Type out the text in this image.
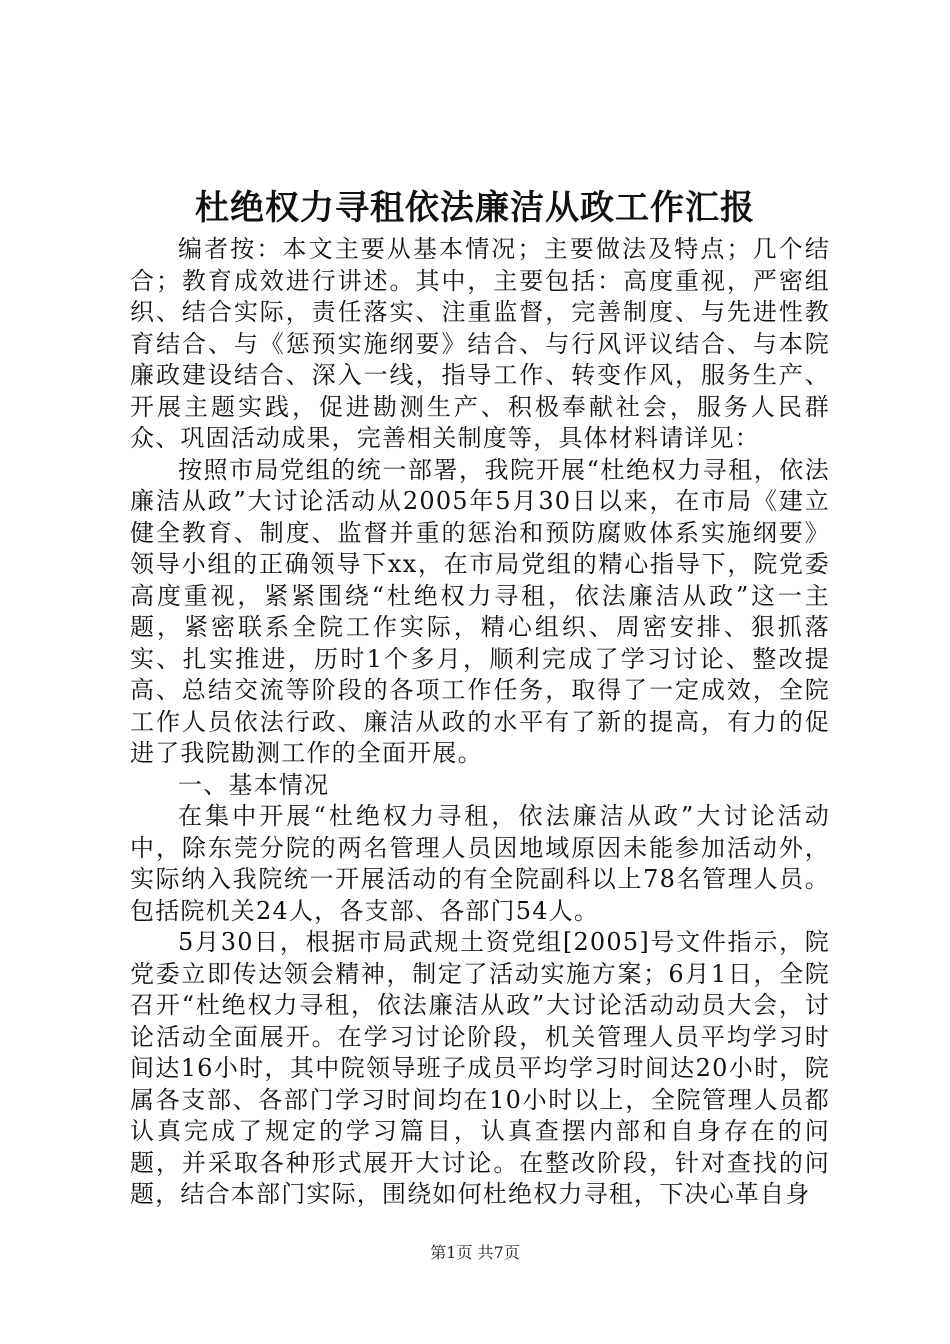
杜绝权力寻租依法廉洁从政工作汇报

编者按：本文主要从基本情况；主要做法及特点；几个结合；教育成效进行讲述。其中，主要包括：高度重视，严密组织、结合实际，责任落实、注重监督，完善制度、与先进性教育结合、与《惩预实施纲要》结合、与行风评议结合、与本院廉政建设结合、深入一线，指导工作、转变作风，服务生产、开展主题实践，促进勘测生产、积极奉献社会，服务人民群众、巩固活动成果，完善相关制度等，具体材料请详见：

按照市局党组的统一部署，我院开展“杜绝权力寻租，依法廉洁从政”大讨论活动从2005年5月30日以来，在市局《建立健全教育、制度、监督并重的惩治和预防腐败体系实施纲要》领导小组的正确领导下xx，在市局党组的精心指导下，院党委高度重视，紧紧围绕“杜绝权力寻租，依法廉洁从政”这一主题，紧密联系全院工作实际，精心组织、周密安排、狠抓落实、扎实推进，历时1个多月，顺利完成了学习讨论、整改提高、总结交流等阶段的各项工作任务，取得了一定成效，全院工作人员依法行政、廉洁从政的水平有了新的提高，有力的促进了我院勘测工作的全面开展。

一、基本情况

在集中开展“杜绝权力寻租，依法廉洁从政”大讨论活动中，除东莞分院的两名管理人员因地域原因未能参加活动外，实际纳入我院统一开展活动的有全院副科以上78名管理人员。包括院机关24人，各支部、各部门54人。

5月30日，根据市局武规土资党组[2005]号文件指示，院党委立即传达领会精神，制定了活动实施方案；6月1日，全院召开“杜绝权力寻租，依法廉洁从政”大讨论活动动员大会，讨论活动全面展开。在学习讨论阶段，机关管理人员平均学习时间达16小时，其中院领导班子成员平均学习时间达20小时，院属各支部、各部门学习时间均在10小时以上，全院管理人员都认真完成了规定的学习篇目，认真查摆内部和自身存在的问题，并采取各种形式展开大讨论。在整改阶段，针对查找的问题，结合本部门实际，围绕如何杜绝权力寻租，下决心革自身

第1页 共7页
